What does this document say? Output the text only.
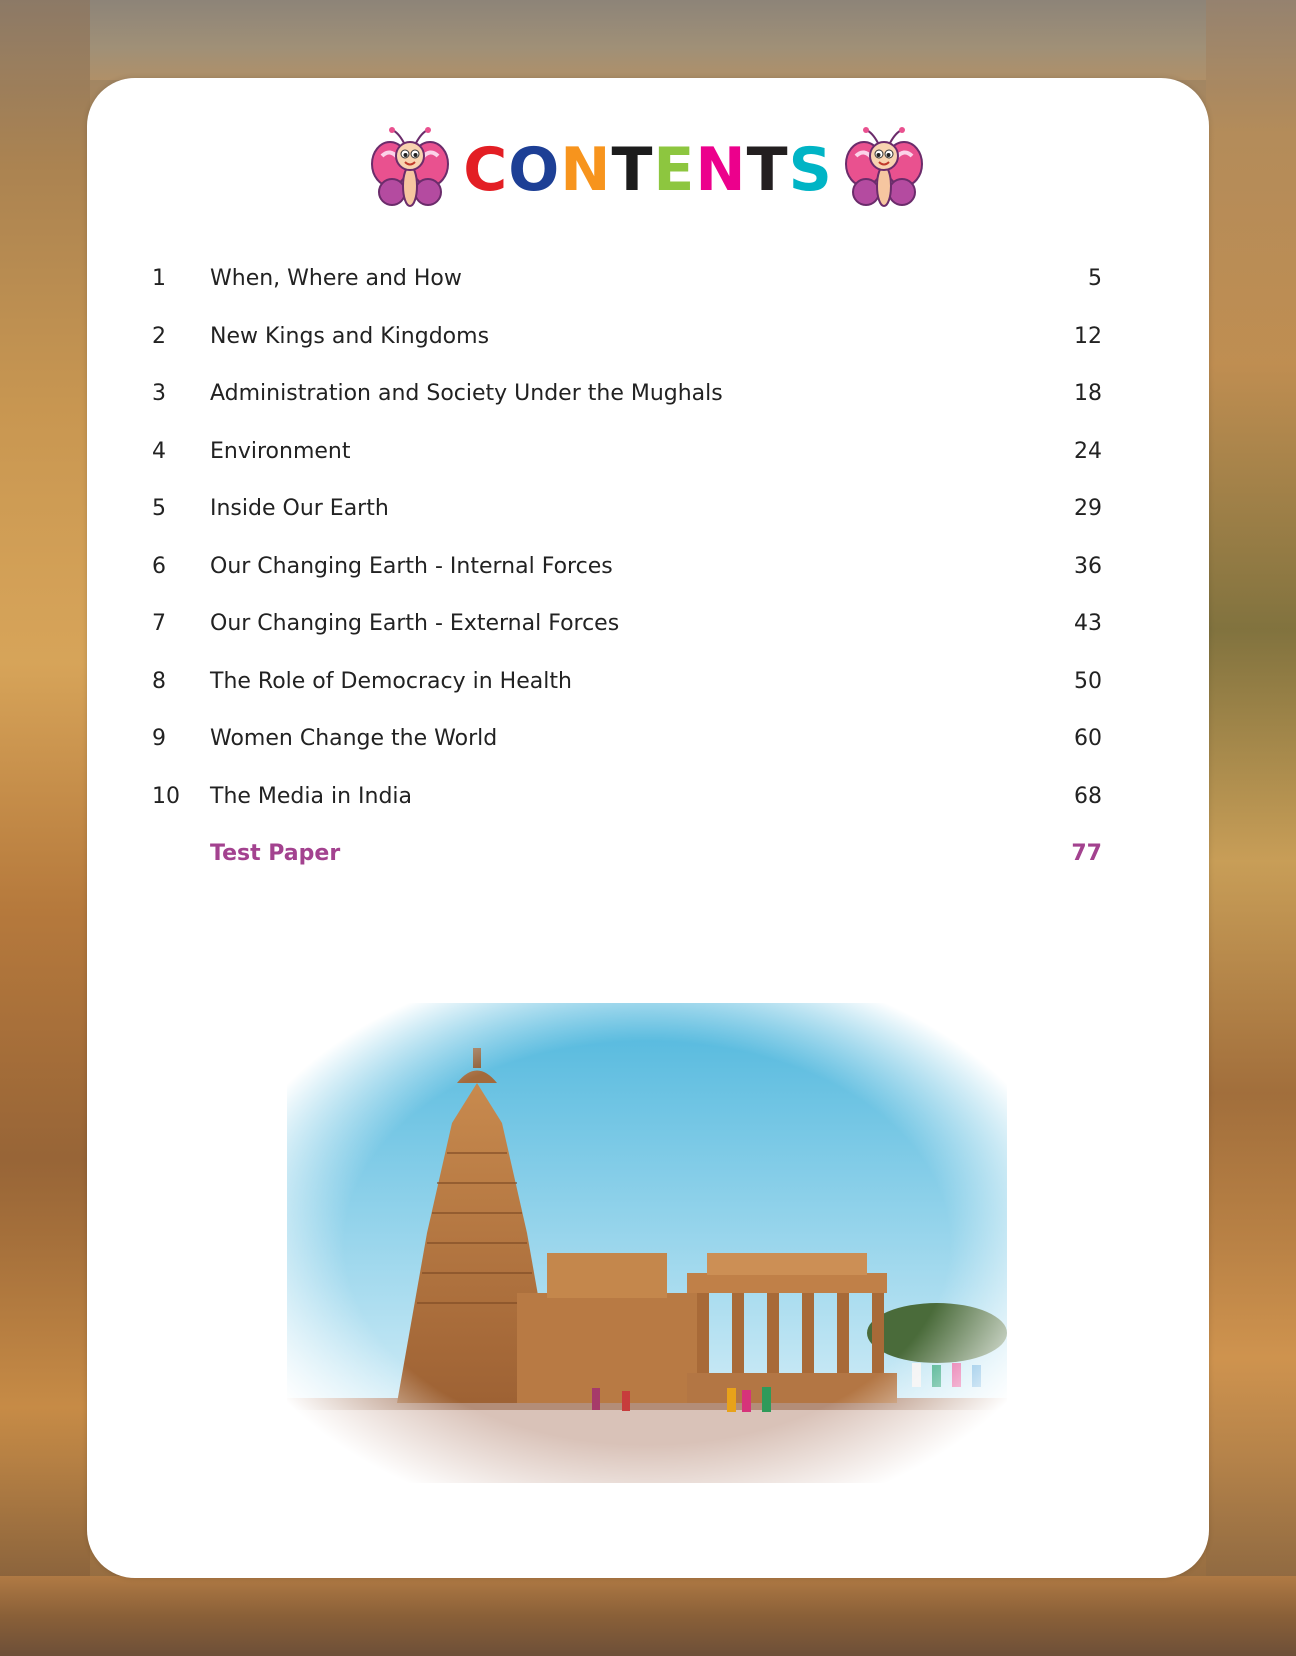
CONTENTS
1	When, Where and How	5
2	New Kings and Kingdoms	12
3	Administration and Society Under the Mughals	18
4	Environment	24
5	Inside Our Earth	29
6	Our Changing Earth - Internal Forces	36
7	Our Changing Earth - External Forces	43
8	The Role of Democracy in Health	50
9	Women Change the World	60
10	The Media in India	68
Test Paper	77
